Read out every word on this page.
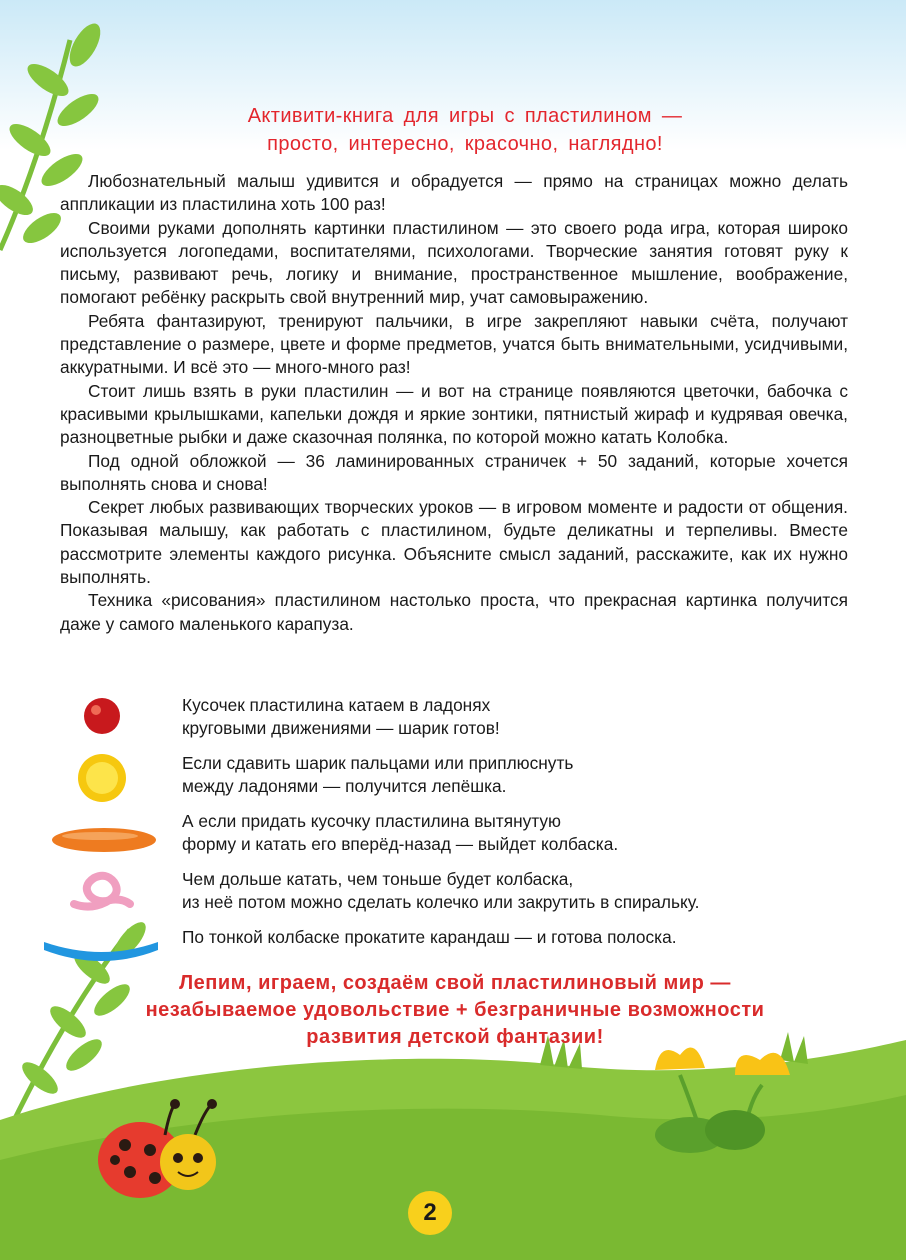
Активити-книга для игры с пластилином —
просто, интересно, красочно, наглядно!

Любознательный малыш удивится и обрадуется — прямо на страницах можно делать аппликации из пластилина хоть 100 раз!

Своими руками дополнять картинки пластилином — это своего рода игра, которая широко используется логопедами, воспитателями, психологами. Творческие занятия готовят руку к письму, развивают речь, логику и внимание, пространственное мышление, воображение, помогают ребёнку раскрыть свой внутренний мир, учат самовыражению.

Ребята фантазируют, тренируют пальчики, в игре закрепляют навыки счёта, получают представление о размере, цвете и форме предметов, учатся быть внимательными, усидчивыми, аккуратными. И всё это — много-много раз!

Стоит лишь взять в руки пластилин — и вот на странице появляются цветочки, бабочка с красивыми крылышками, капельки дождя и яркие зонтики, пятнистый жираф и кудрявая овечка, разноцветные рыбки и даже сказочная полянка, по которой можно катать Колобка.

Под одной обложкой — 36 ламинированных страничек + 50 заданий, которые хочется выполнять снова и снова!

Секрет любых развивающих творческих уроков — в игровом моменте и радости от общения. Показывая малышу, как работать с пластилином, будьте деликатны и терпеливы. Вместе рассмотрите элементы каждого рисунка. Объясните смысл заданий, расскажите, как их нужно выполнять.

Техника «рисования» пластилином настолько проста, что прекрасная картинка получится даже у самого маленького карапуза.

Кусочек пластилина катаем в ладонях
круговыми движениями — шарик готов!
Если сдавить шарик пальцами или приплюснуть
между ладонями — получится лепёшка.
А если придать кусочку пластилина вытянутую
форму и катать его вперёд-назад — выйдет колбаска.
Чем дольше катать, чем тоньше будет колбаска,
из неё потом можно сделать колечко или закрутить в спиральку.
По тонкой колбаске прокатите карандаш — и готова полоска.
Лепим, играем, создаём свой пластилиновый мир —
незабываемое удовольствие + безграничные возможности
развития детской фантазии!
2
